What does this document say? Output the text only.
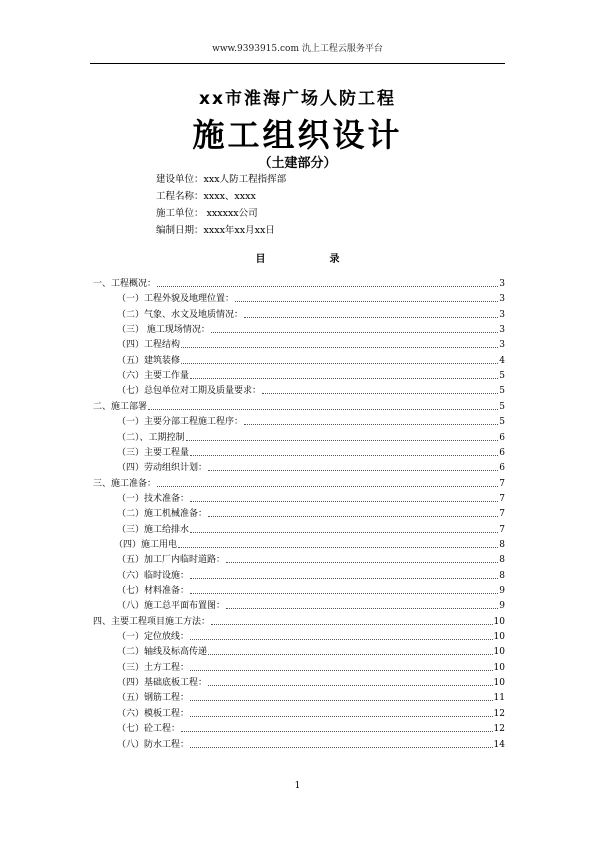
www.9393915.com 氿上工程云服务平台
xx市淮海广场人防工程
施工组织设计
（土建部分）
建设单位：xxx人防工程指挥部
工程名称：xxxx、xxxx
施工单位： xxxxxx公司
编制日期：xxxx年xx月xx日
目	录
一、工程概况：	3
（一）工程外貌及地理位置：	3
（二）气象、水文及地质情况：	3
（三） 施工现场情况：	3
（四）工程结构	3
（五）建筑装修	4
（六）主要工作量	5
（七）总包单位对工期及质量要求：	5
二、施工部署	5
（一）主要分部工程施工程序：	5
（二）、工期控制	6
（三）主要工程量	6
（四）劳动组织计划：	6
三、施工准备：	7
（一）技术准备：	7
（二）施工机械准备：	7
（三）施工给排水	7
（四）施工用电	8
（五）加工厂内临时道路：	8
（六）临时设施：	8
（七）材料准备：	9
（八）施工总平面布置图：	9
四、主要工程项目施工方法：	10
（一）定位放线：	10
（二）轴线及标高传递	10
（三）土方工程：	10
（四）基础底板工程：	10
（五）钢筋工程：	11
（六）模板工程：	12
（七）砼工程：	12
（八）防水工程：	14
1
